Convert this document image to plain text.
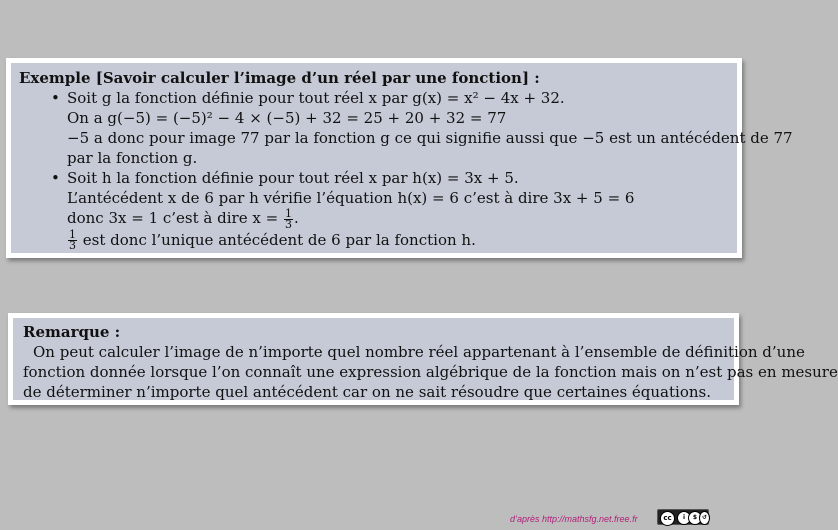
Exemple [Savoir calculer l’image d’un réel par une fonction] :
• Soit g la fonction définie pour tout réel x par g(x) = x² − 4x + 32.
On a g(−5) = (−5)² − 4 × (−5) + 32 = 25 + 20 + 32 = 77
−5 a donc pour image 77 par la fonction g ce qui signifie aussi que −5 est un antécédent de 77
par la fonction g.
• Soit h la fonction définie pour tout réel x par h(x) = 3x + 5.
L’antécédent x de 6 par h vérifie l’équation h(x) = 6 c’est à dire 3x + 5 = 6
donc 3x = 1 c’est à dire $x = \frac{1}{3}$ .
$\frac{1}{3}$ est donc l’unique antécédent de 6 par la fonction h.
Remarque :
On peut calculer l’image de n’importe quel nombre réel appartenant à l’ensemble de définition d’une
fonction donnée lorsque l’on connaît une expression algébrique de la fonction mais on n’est pas en mesure
de déterminer n’importe quel antécédent car on ne sait résoudre que certaines équations.
d’après http://mathsfg.net.free.fr	cc	i	$ ↺
